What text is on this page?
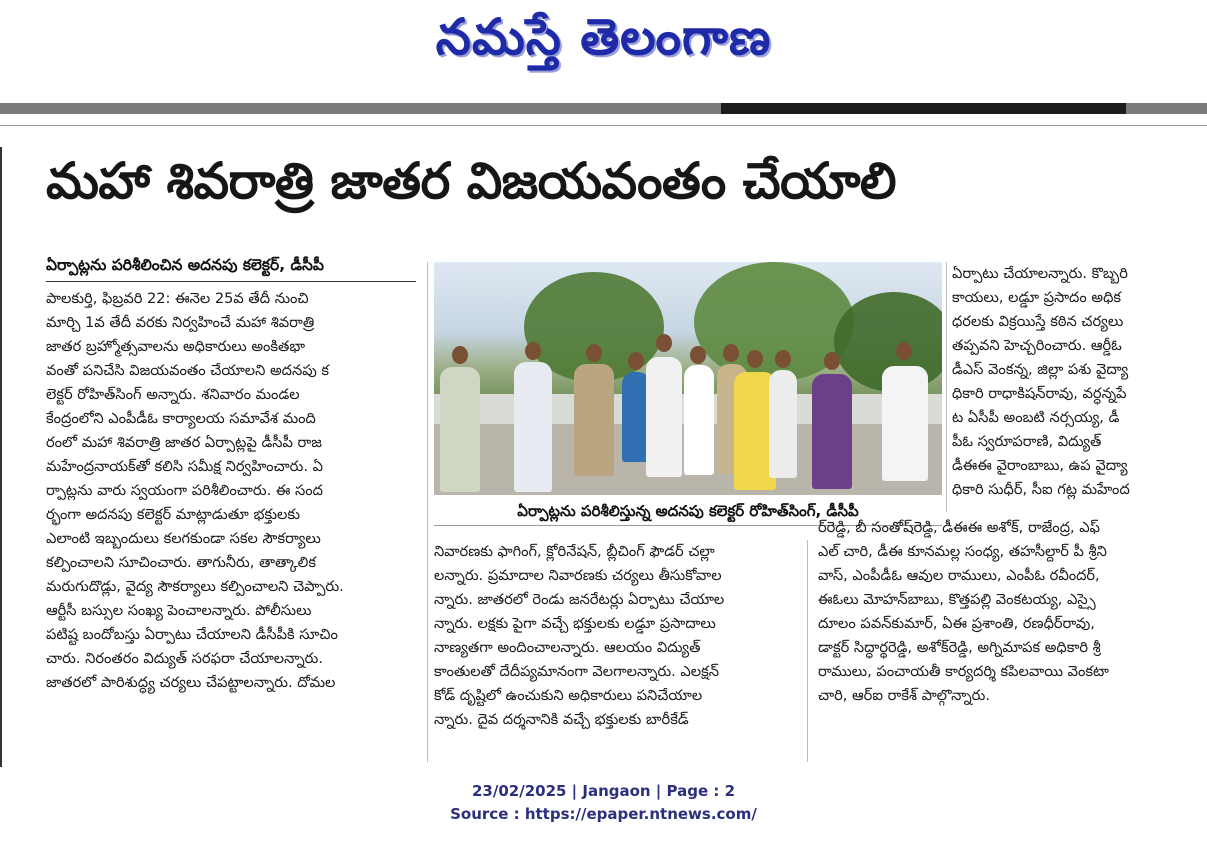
నమస్తే తెలంగాణ
మహా శివరాత్రి జాతర విజయవంతం చేయాలి
ఏర్పాట్లను పరిశీలించిన అదనపు కలెక్టర్, డీసీపీ

పాలకుర్తి, ఫిబ్రవరి 22: ఈనెల 25వ తేదీ నుంచి

మార్చి 1వ తేదీ వరకు నిర్వహించే మహా శివరాత్రి

జాతర బ్రహ్మోత్సవాలను అధికారులు అంకితభా

వంతో పనిచేసి విజయవంతం చేయాలని అదనపు క

లెక్టర్ రోహిత్‌సింగ్ అన్నారు. శనివారం మండల

కేంద్రంలోని ఎంపీడీఓ కార్యాలయ సమావేశ మంది

రంలో మహా శివరాత్రి జాతర ఏర్పాట్లపై డీసీపీ రాజ

మహేంద్రనాయక్‌తో కలిసి సమీక్ష నిర్వహించారు. ఏ

ర్పాట్లను వారు స్వయంగా పరిశీలించారు. ఈ సంద

ర్భంగా అదనపు కలెక్టర్ మాట్లాడుతూ భక్తులకు

ఎలాంటి ఇబ్బందులు కలగకుండా సకల సౌకర్యాలు

కల్పించాలని సూచించారు. తాగునీరు, తాత్కాలిక

మరుగుదొడ్లు, వైద్య సౌకర్యాలు కల్పించాలని చెప్పారు.

ఆర్టీసీ బస్సుల సంఖ్య పెంచాలన్నారు. పోలీసులు

పటిష్ట బందోబస్తు ఏర్పాటు చేయాలని డీసీపీకి సూచిం

చారు. నిరంతరం విద్యుత్ సరఫరా చేయాలన్నారు.

జాతరలో పారిశుద్ధ్య చర్యలు చేపట్టాలన్నారు. దోమల

ఏర్పాట్లను పరిశీలిస్తున్న అదనపు కలెక్టర్ రోహిత్‌సింగ్, డీసీపీ

ఏర్పాటు చేయాలన్నారు. కొబ్బరి

కాయలు, లడ్డూ ప్రసాదం అధిక

ధరలకు విక్రయిస్తే కఠిన చర్యలు

తప్పవని హెచ్చరించారు. ఆర్డీఓ

డీఎస్ వెంకన్న, జిల్లా పశు వైద్యా

ధికారి రాధాకిషన్‌రావు, వర్ధన్నపే

ట ఏసీపీ అంబటి నర్సయ్య, డీ

పీఓ స్వరూపరాణి, విద్యుత్

డీఈఈ వైరాంబాబు, ఉప వైద్యా

ధికారి సుధీర్, సీఐ గట్ల మహేంద

నివారణకు ఫాగింగ్, క్లోరినేషన్, బ్లీచింగ్ ఫౌడర్ చల్లా

లన్నారు. ప్రమాదాల నివారణకు చర్యలు తీసుకోవాల

న్నారు. జాతరలో రెండు జనరేటర్లు ఏర్పాటు చేయాల

న్నారు. లక్షకు పైగా వచ్చే భక్తులకు లడ్డూ ప్రసాదాలు

నాణ్యతగా అందించాలన్నారు. ఆలయం విద్యుత్

కాంతులతో దేదీప్యమానంగా వెలగాలన్నారు. ఎలక్షన్

కోడ్ దృష్టిలో ఉంచుకుని అధికారులు పనిచేయాల

న్నారు. దైవ దర్శనానికి వచ్చే భక్తులకు బారీకేడ్

ర్‌రెడ్డి, బీ సంతోష్‌రెడ్డి, డీఈఈ అశోక్, రాజేంద్ర, ఎఫ్

ఎల్ చారి, డీఈ కూనమల్ల సంధ్య, తహసీల్దార్ పీ శ్రీని

వాస్, ఎంపీడీఓ ఆవుల రాములు, ఎంపీఓ రవీందర్,

ఈఓలు మోహన్‌బాబు, కొత్తపల్లి వెంకటయ్య, ఎస్సై

దూలం పవన్‌కుమార్, ఏఈ ప్రశాంతి, రణధీర్‌రావు,

డాక్టర్ సిద్ధార్థరెడ్డి, అశోక్‌రెడ్డి, అగ్నిమాపక అధికారి శ్రీ

రాములు, పంచాయతీ కార్యదర్శి కపిలవాయి వెంకటా

చారి, ఆర్ఐ రాకేశ్ పాల్గొన్నారు.

23/02/2025 | Jangaon | Page : 2
Source : https://epaper.ntnews.com/
